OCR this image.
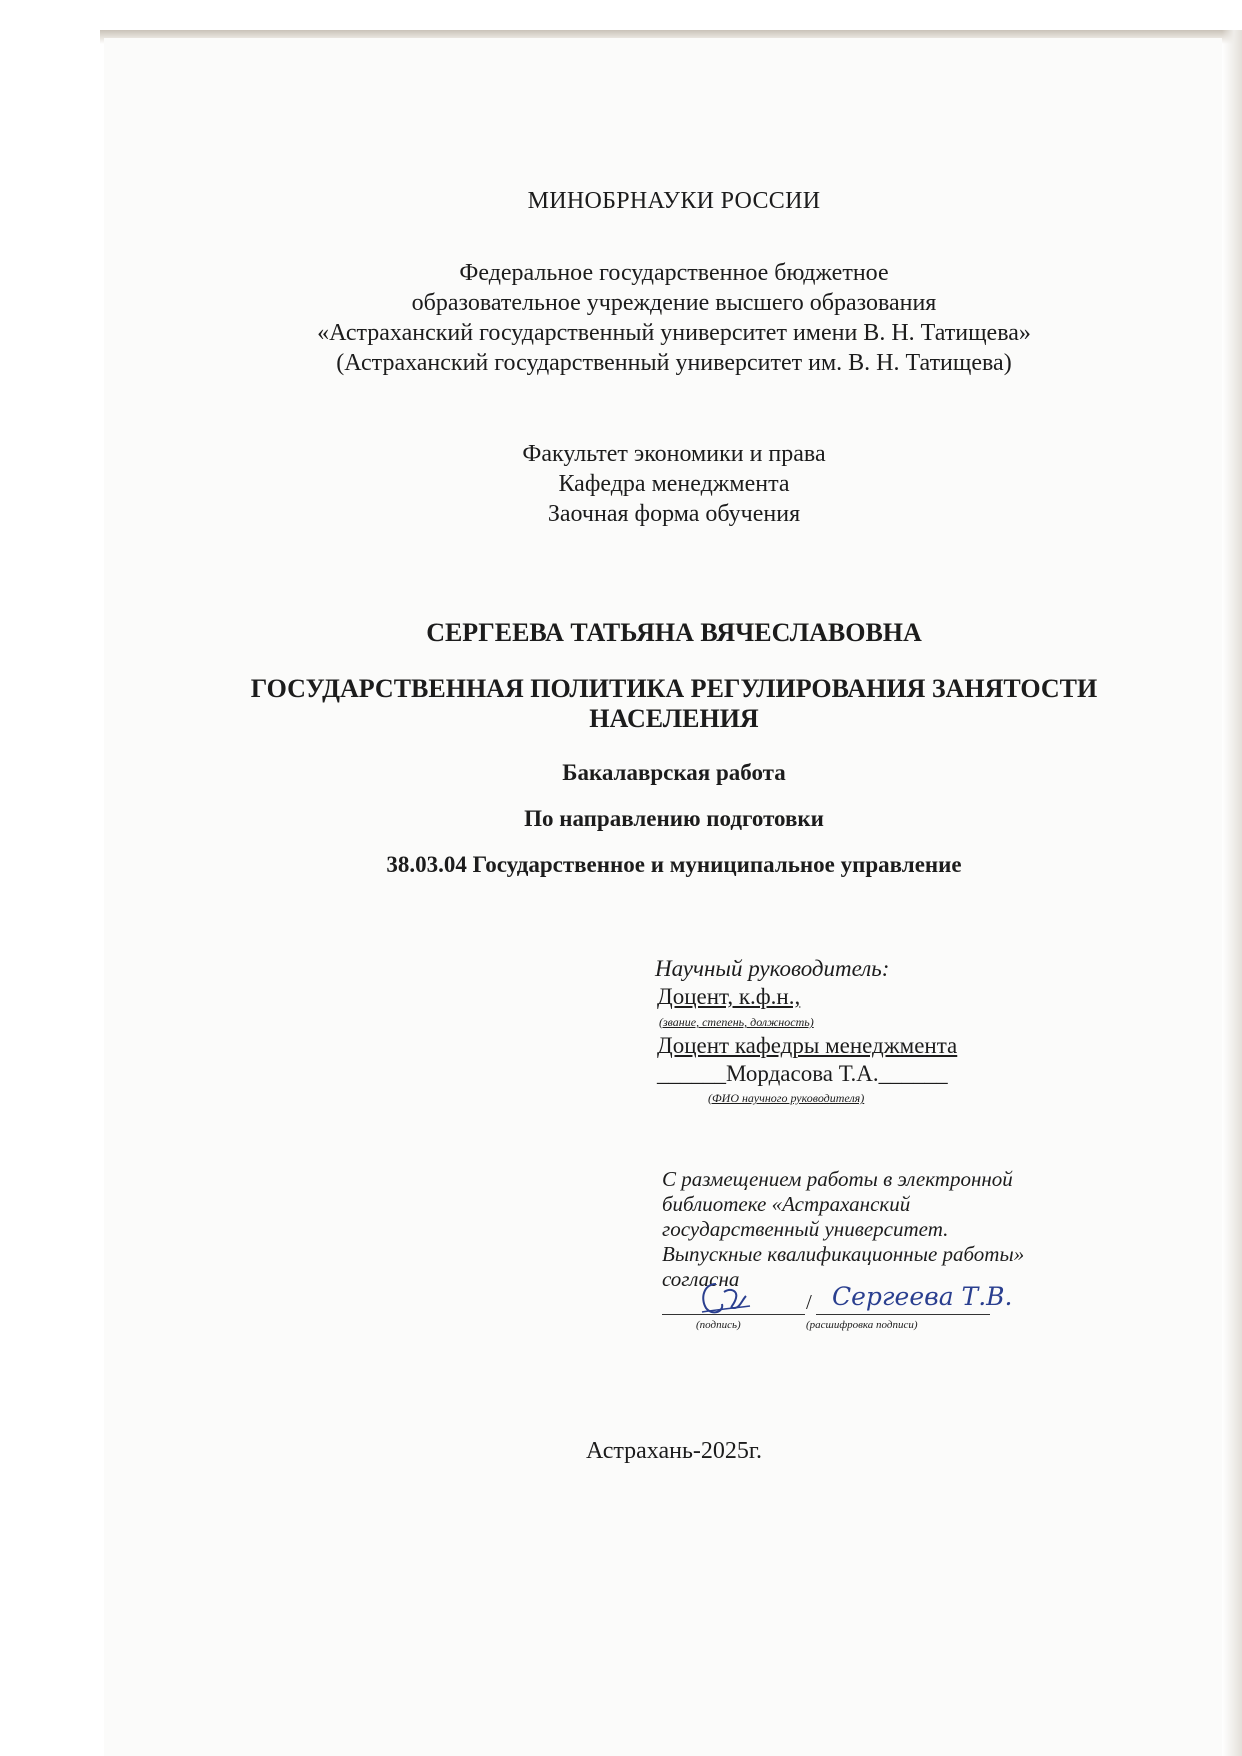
МИНОБРНАУКИ РОССИИ
Федеральное государственное бюджетное
образовательное учреждение высшего образования
«Астраханский государственный университет имени В. Н. Татищева»
(Астраханский государственный университет им. В. Н. Татищева)
Факультет экономики и права
Кафедра менеджмента
Заочная форма обучения
СЕРГЕЕВА ТАТЬЯНА ВЯЧЕСЛАВОВНА
ГОСУДАРСТВЕННАЯ ПОЛИТИКА РЕГУЛИРОВАНИЯ ЗАНЯТОСТИ
НАСЕЛЕНИЯ
Бакалаврская работа
По направлению подготовки
38.03.04 Государственное и муниципальное управление
Научный руководитель:
Доцент, к.ф.н.,
(звание, степень, должность)
Доцент кафедры менеджмента
______Мордасова Т.А.______
(ФИО научного руководителя)
С размещением работы в электронной
библиотеке «Астраханский
государственный университет.
Выпускные квалификационные работы»
согласна
/ Сергеева Т.В.
(подпись)	(расшифровка подписи)
Астрахань-2025г.
